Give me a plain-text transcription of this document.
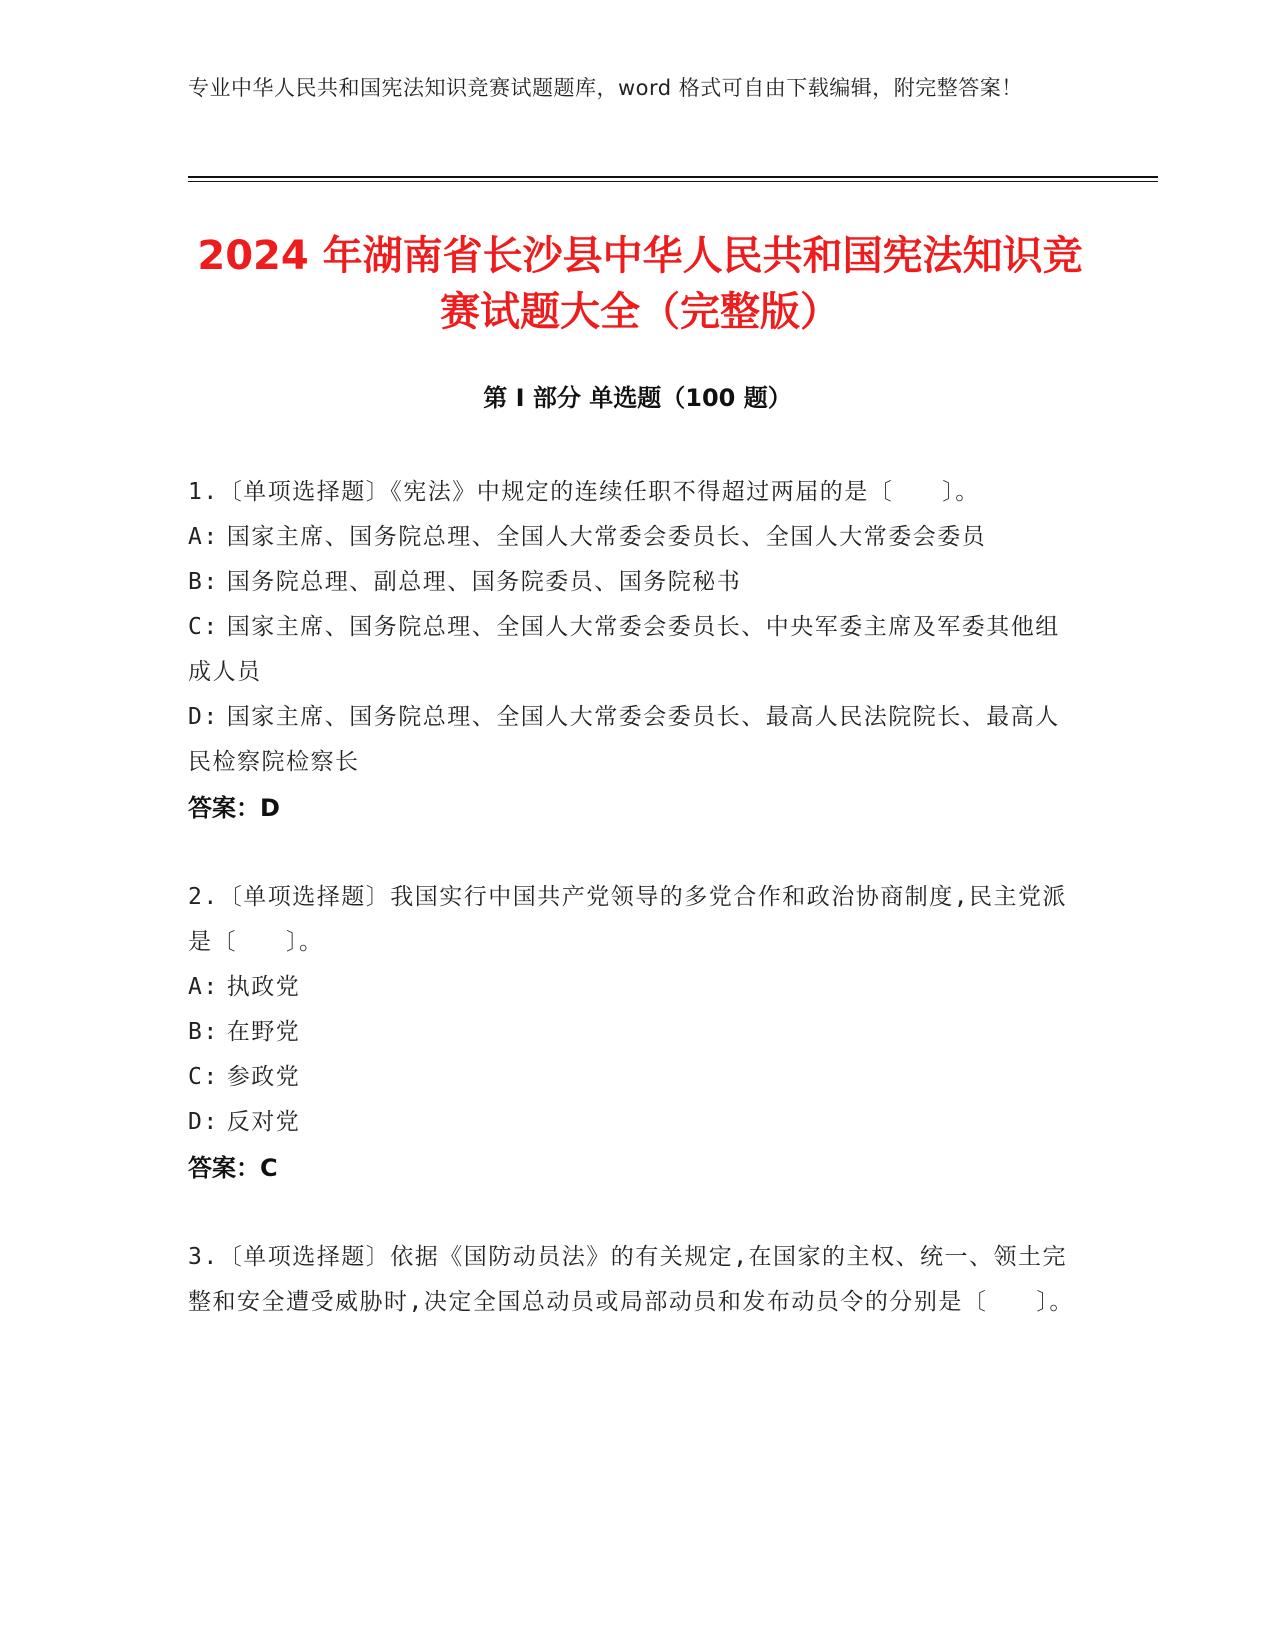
专业中华人民共和国宪法知识竞赛试题题库，word 格式可自由下载编辑，附完整答案！
2024 年湖南省长沙县中华人民共和国宪法知识竞赛试题大全（完整版）
第 I 部分 单选题（100 题）
1.〔单项选择题〕《宪法》中规定的连续任职不得超过两届的是〔　　〕。
A: 国家主席、国务院总理、全国人大常委会委员长、全国人大常委会委员
B: 国务院总理、副总理、国务院委员、国务院秘书
C: 国家主席、国务院总理、全国人大常委会委员长、中央军委主席及军委其他组成人员
D: 国家主席、国务院总理、全国人大常委会委员长、最高人民法院院长、最高人民检察院检察长
答案：D
2.〔单项选择题〕我国实行中国共产党领导的多党合作和政治协商制度,民主党派是〔　　〕。
A: 执政党
B: 在野党
C: 参政党
D: 反对党
答案：C
3.〔单项选择题〕依据《国防动员法》的有关规定,在国家的主权、统一、领土完整和安全遭受威胁时,决定全国总动员或局部动员和发布动员令的分别是〔　　〕。
